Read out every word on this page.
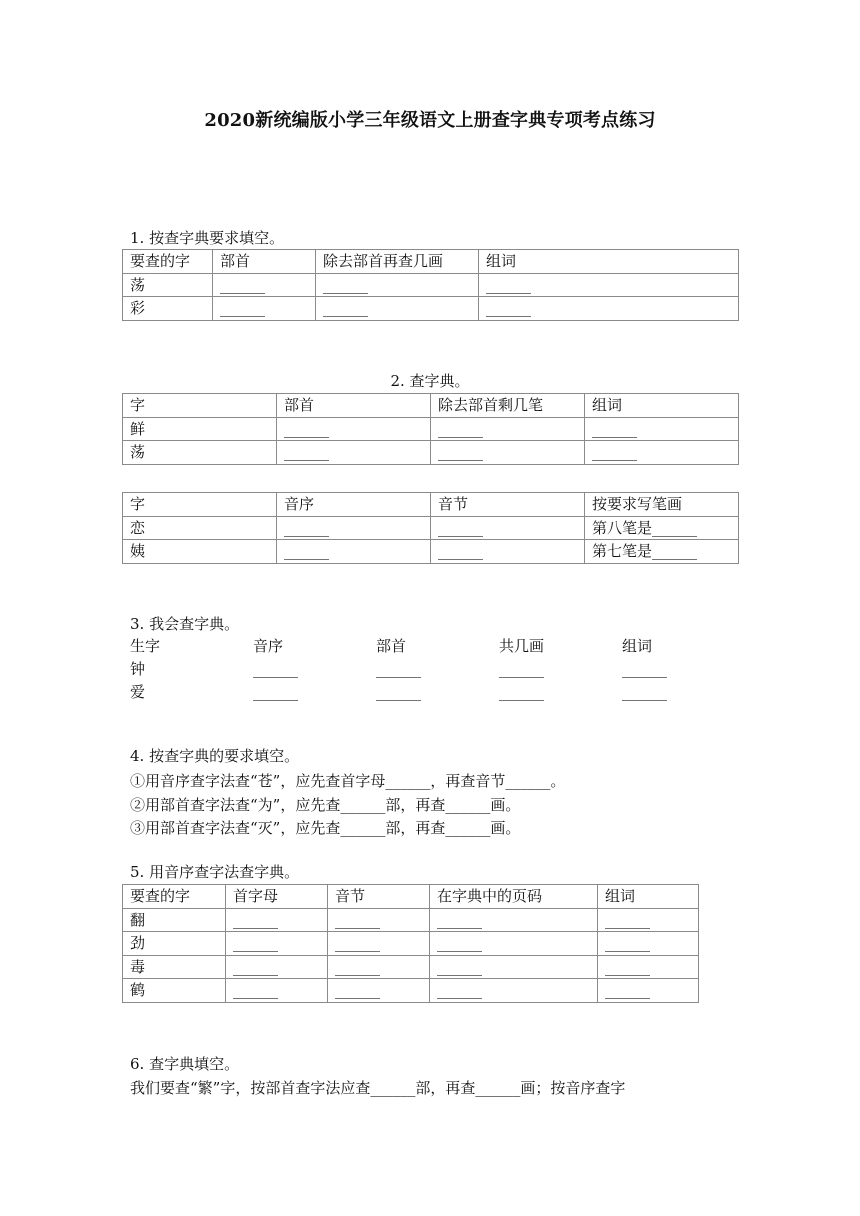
2020新统编版小学三年级语文上册查字典专项考点练习
1. 按查字典要求填空。
要查的字	部首	除去部首再查几画	组词
荡	______	______	______
彩	______	______	______
2. 查字典。
字	部首	除去部首剩几笔	组词
鲜	______	______	______
荡	______	______	______
字	音序	音节	按要求写笔画
恋	______	______	第八笔是______
姨	______	______	第七笔是______
3. 我会查字典。
生字	音序	部首	共几画	组词
钟	______	______	______	______
爱	______	______	______	______
4. 按查字典的要求填空。
①用音序查字法查“苍”，应先查首字母______，再查音节______。
②用部首查字法查“为”，应先查______部，再查______画。
③用部首查字法查“灭”，应先查______部，再查______画。
5. 用音序查字法查字典。
要查的字	首字母	音节	在字典中的页码	组词
翻	______	______	______	______
劲	______	______	______	______
毒	______	______	______	______
鹤	______	______	______	______
6. 查字典填空。
我们要查“繁”字，按部首查字法应查______部，再查______画；按音序查字
